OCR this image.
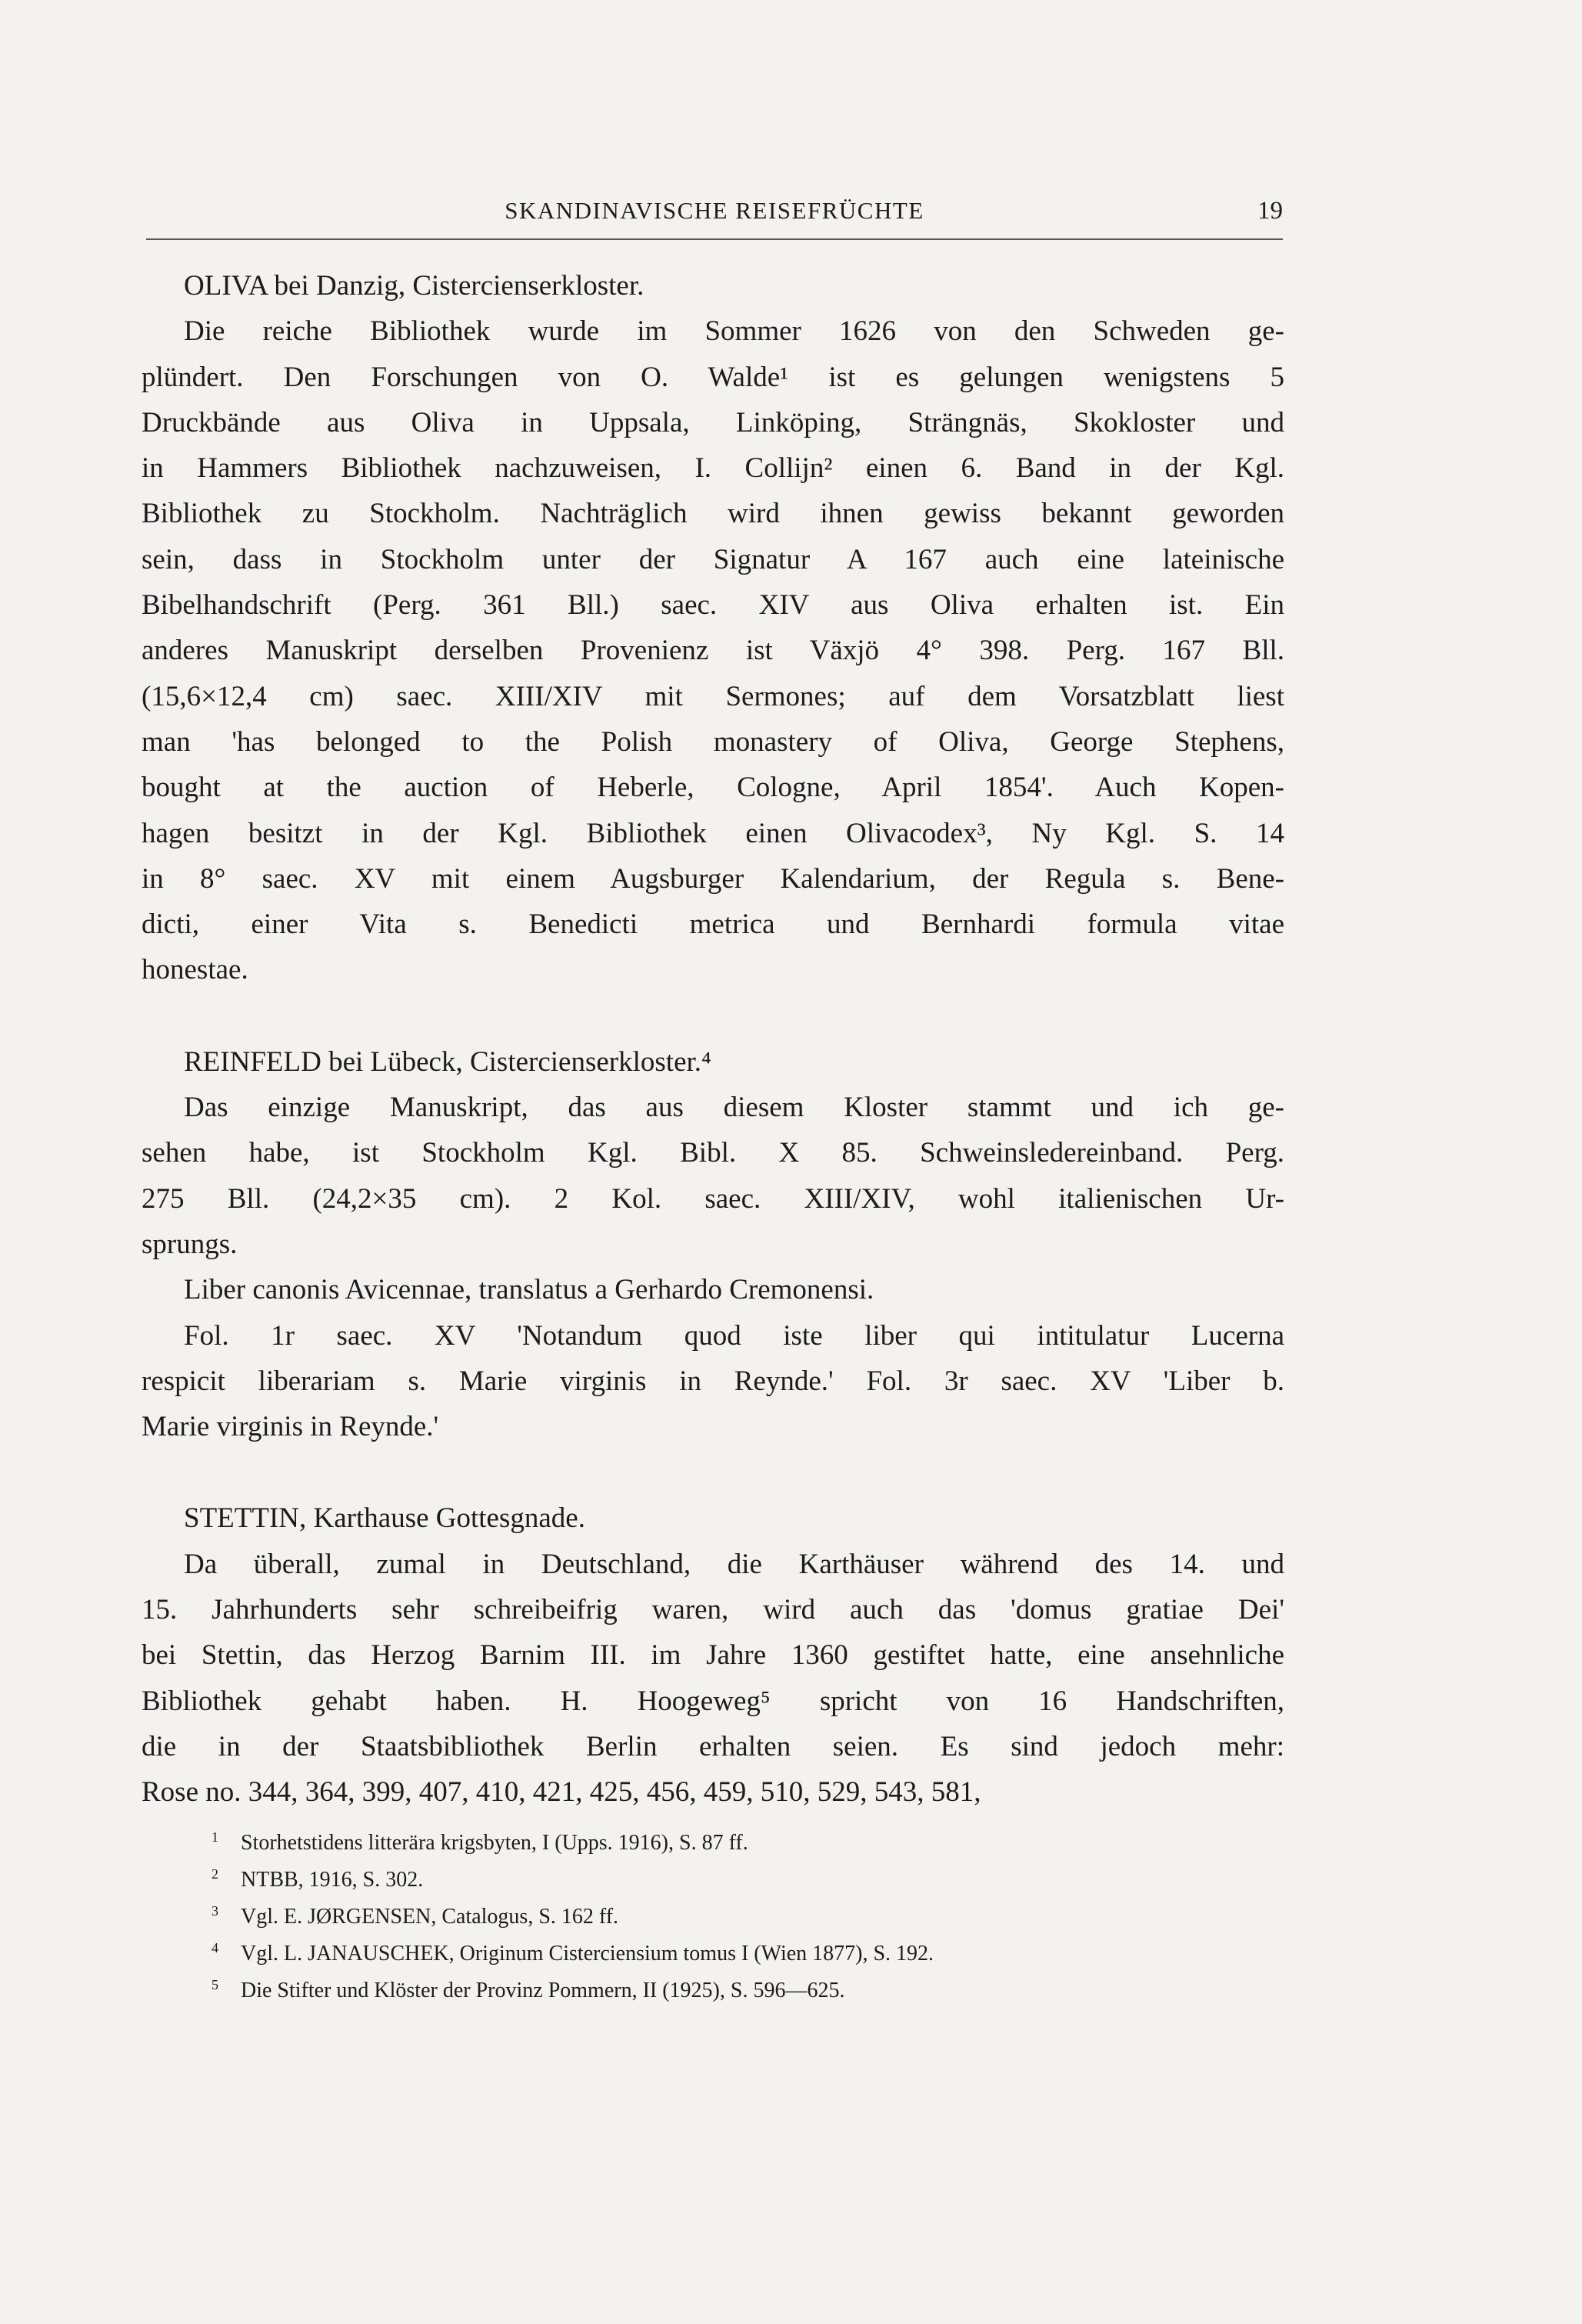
SKANDINAVISCHE REISEFRÜCHTE	19
OLIVA bei Danzig, Cistercienserkloster.
Die reiche Bibliothek wurde im Sommer 1626 von den Schweden ge-
plündert. Den Forschungen von O. Walde¹ ist es gelungen wenigstens 5
Druckbände aus Oliva in Uppsala, Linköping, Strängnäs, Skokloster und
in Hammers Bibliothek nachzuweisen, I. Collijn² einen 6. Band in der Kgl.
Bibliothek zu Stockholm. Nachträglich wird ihnen gewiss bekannt geworden
sein, dass in Stockholm unter der Signatur A 167 auch eine lateinische
Bibelhandschrift (Perg. 361 Bll.) saec. XIV aus Oliva erhalten ist. Ein
anderes Manuskript derselben Provenienz ist Växjö 4° 398. Perg. 167 Bll.
(15,6×12,4 cm) saec. XIII/XIV mit Sermones; auf dem Vorsatzblatt liest
man 'has belonged to the Polish monastery of Oliva, George Stephens,
bought at the auction of Heberle, Cologne, April 1854'. Auch Kopen-
hagen besitzt in der Kgl. Bibliothek einen Olivacodex³, Ny Kgl. S. 14
in 8° saec. XV mit einem Augsburger Kalendarium, der Regula s. Bene-
dicti, einer Vita s. Benedicti metrica und Bernhardi formula vitae
honestae.
REINFELD bei Lübeck, Cistercienserkloster.⁴
Das einzige Manuskript, das aus diesem Kloster stammt und ich ge-
sehen habe, ist Stockholm Kgl. Bibl. X 85. Schweinsledereinband. Perg.
275 Bll. (24,2×35 cm). 2 Kol. saec. XIII/XIV, wohl italienischen Ur-
sprungs.
Liber canonis Avicennae, translatus a Gerhardo Cremonensi.
Fol. 1r saec. XV 'Notandum quod iste liber qui intitulatur Lucerna
respicit liberariam s. Marie virginis in Reynde.' Fol. 3r saec. XV 'Liber b.
Marie virginis in Reynde.'
STETTIN, Karthause Gottesgnade.
Da überall, zumal in Deutschland, die Karthäuser während des 14. und
15. Jahrhunderts sehr schreibeifrig waren, wird auch das 'domus gratiae Dei'
bei Stettin, das Herzog Barnim III. im Jahre 1360 gestiftet hatte, eine ansehnliche
Bibliothek gehabt haben. H. Hoogeweg⁵ spricht von 16 Handschriften,
die in der Staatsbibliothek Berlin erhalten seien. Es sind jedoch mehr:
Rose no. 344, 364, 399, 407, 410, 421, 425, 456, 459, 510, 529, 543, 581,
1 Storhetstidens litterära krigsbyten, I (Upps. 1916), S. 87 ff.
2 NTBB, 1916, S. 302.
3 Vgl. E. JØRGENSEN, Catalogus, S. 162 ff.
4 Vgl. L. JANAUSCHEK, Originum Cisterciensium tomus I (Wien 1877), S. 192.
5 Die Stifter und Klöster der Provinz Pommern, II (1925), S. 596—625.
